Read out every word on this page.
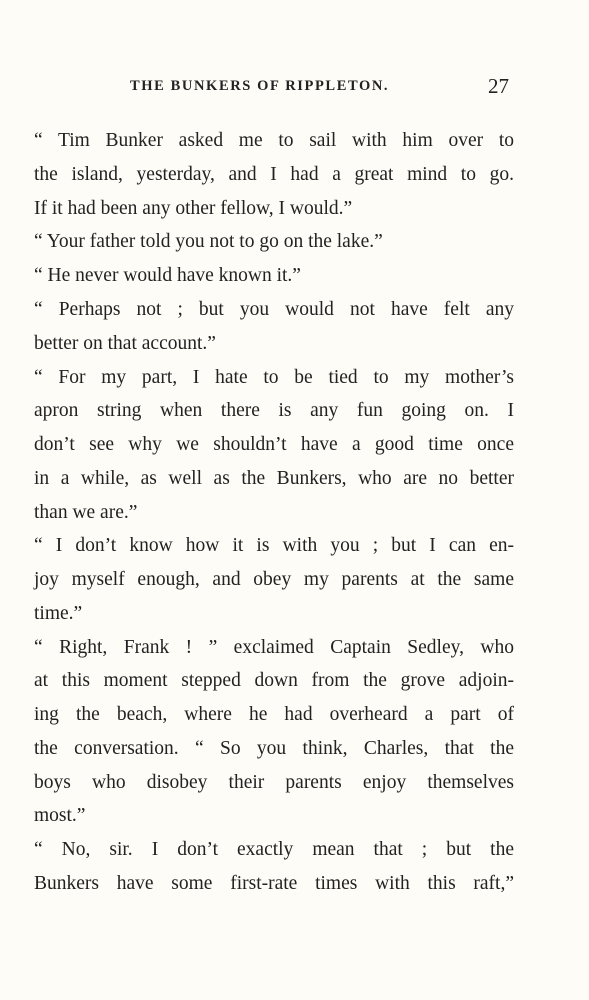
THE BUNKERS OF RIPPLETON.	27
“ Tim Bunker asked me to sail with him over to
the island, yesterday, and I had a great mind to go.
If it had been any other fellow, I would.”
“ Your father told you not to go on the lake.”
“ He never would have known it.”
“ Perhaps not ; but you would not have felt any
better on that account.”
“ For my part, I hate to be tied to my mother’s
apron string when there is any fun going on. I
don’t see why we shouldn’t have a good time once
in a while, as well as the Bunkers, who are no better
than we are.”
“ I don’t know how it is with you ; but I can en-
joy myself enough, and obey my parents at the same
time.”
“ Right, Frank ! ” exclaimed Captain Sedley, who
at this moment stepped down from the grove adjoin-
ing the beach, where he had overheard a part of
the conversation. “ So you think, Charles, that the
boys who disobey their parents enjoy themselves
most.”
“ No, sir. I don’t exactly mean that ; but the
Bunkers have some first-rate times with this raft,”
